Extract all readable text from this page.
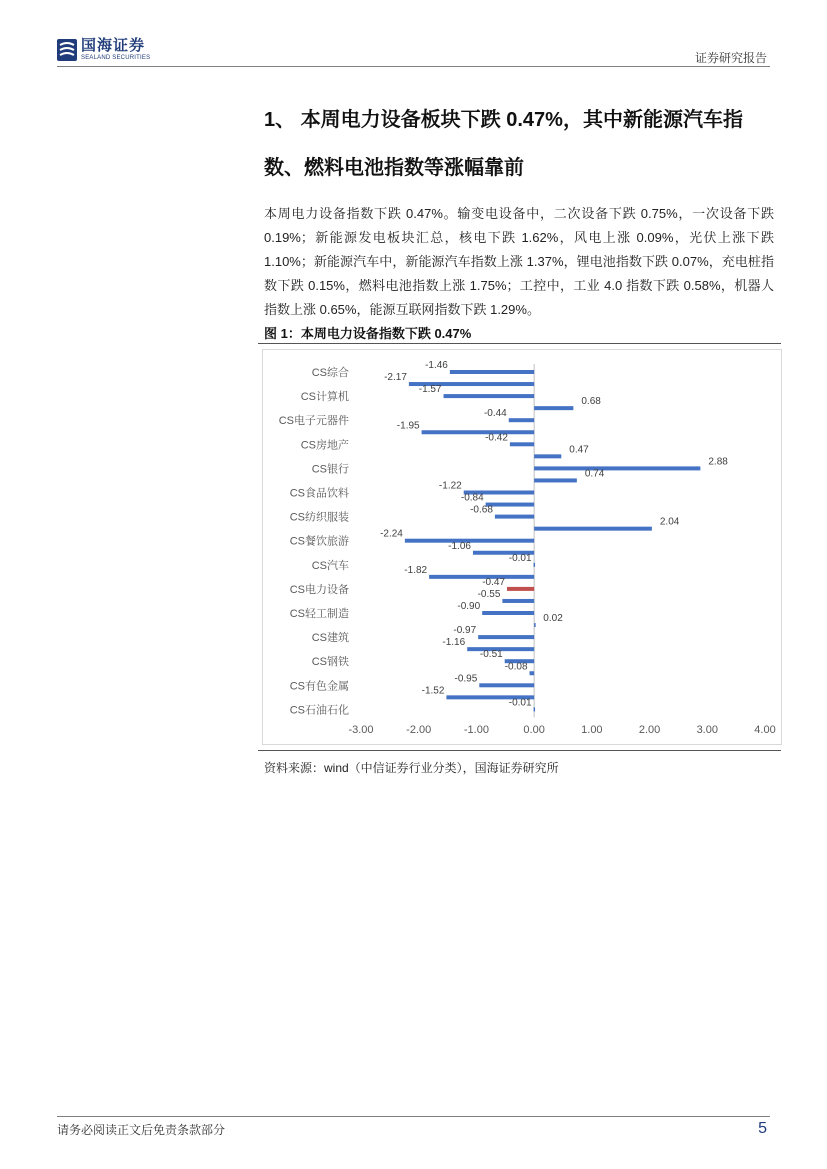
国海证券
SEALAND SECURITIES	证券研究报告
1、 本周电力设备板块下跌 0.47%，其中新能源汽车指数、燃料电池指数等涨幅靠前
本周电力设备指数下跌 0.47%。输变电设备中，二次设备下跌 0.75%，一次设备下跌 0.19%；新能源发电板块汇总，核电下跌 1.62%，风电上涨 0.09%，光伏上涨下跌 1.10%；新能源汽车中，新能源汽车指数上涨 1.37%，锂电池指数下跌 0.07%，充电桩指数下跌 0.15%，燃料电池指数上涨 1.75%；工控中，工业 4.0 指数下跌 0.58%，机器人指数上涨 0.65%，能源互联网指数下跌 1.29%。
图 1：本周电力设备指数下跌 0.47%
-1.46
-2.17
-1.57
0.68
-0.44
-1.95
-0.42
0.47
2.88
0.74
-1.22
-0.84
-0.68
2.04
-2.24
-1.06
-0.01
-1.82
-0.47
-0.55
-0.90
0.02
-0.97
-1.16
-0.51
-0.08
-0.95
-1.52
-0.01
CS综合
CS计算机
CS电子元器件
CS房地产
CS银行
CS食品饮料
CS纺织服装
CS餐饮旅游
CS汽车
CS电力设备
CS轻工制造
CS建筑
CS钢铁
CS有色金属
CS石油石化
-3.00	-2.00	-1.00	0.00	1.00	2.00	3.00	4.00
资料来源：wind（中信证券行业分类），国海证券研究所
请务必阅读正文后免责条款部分	5
